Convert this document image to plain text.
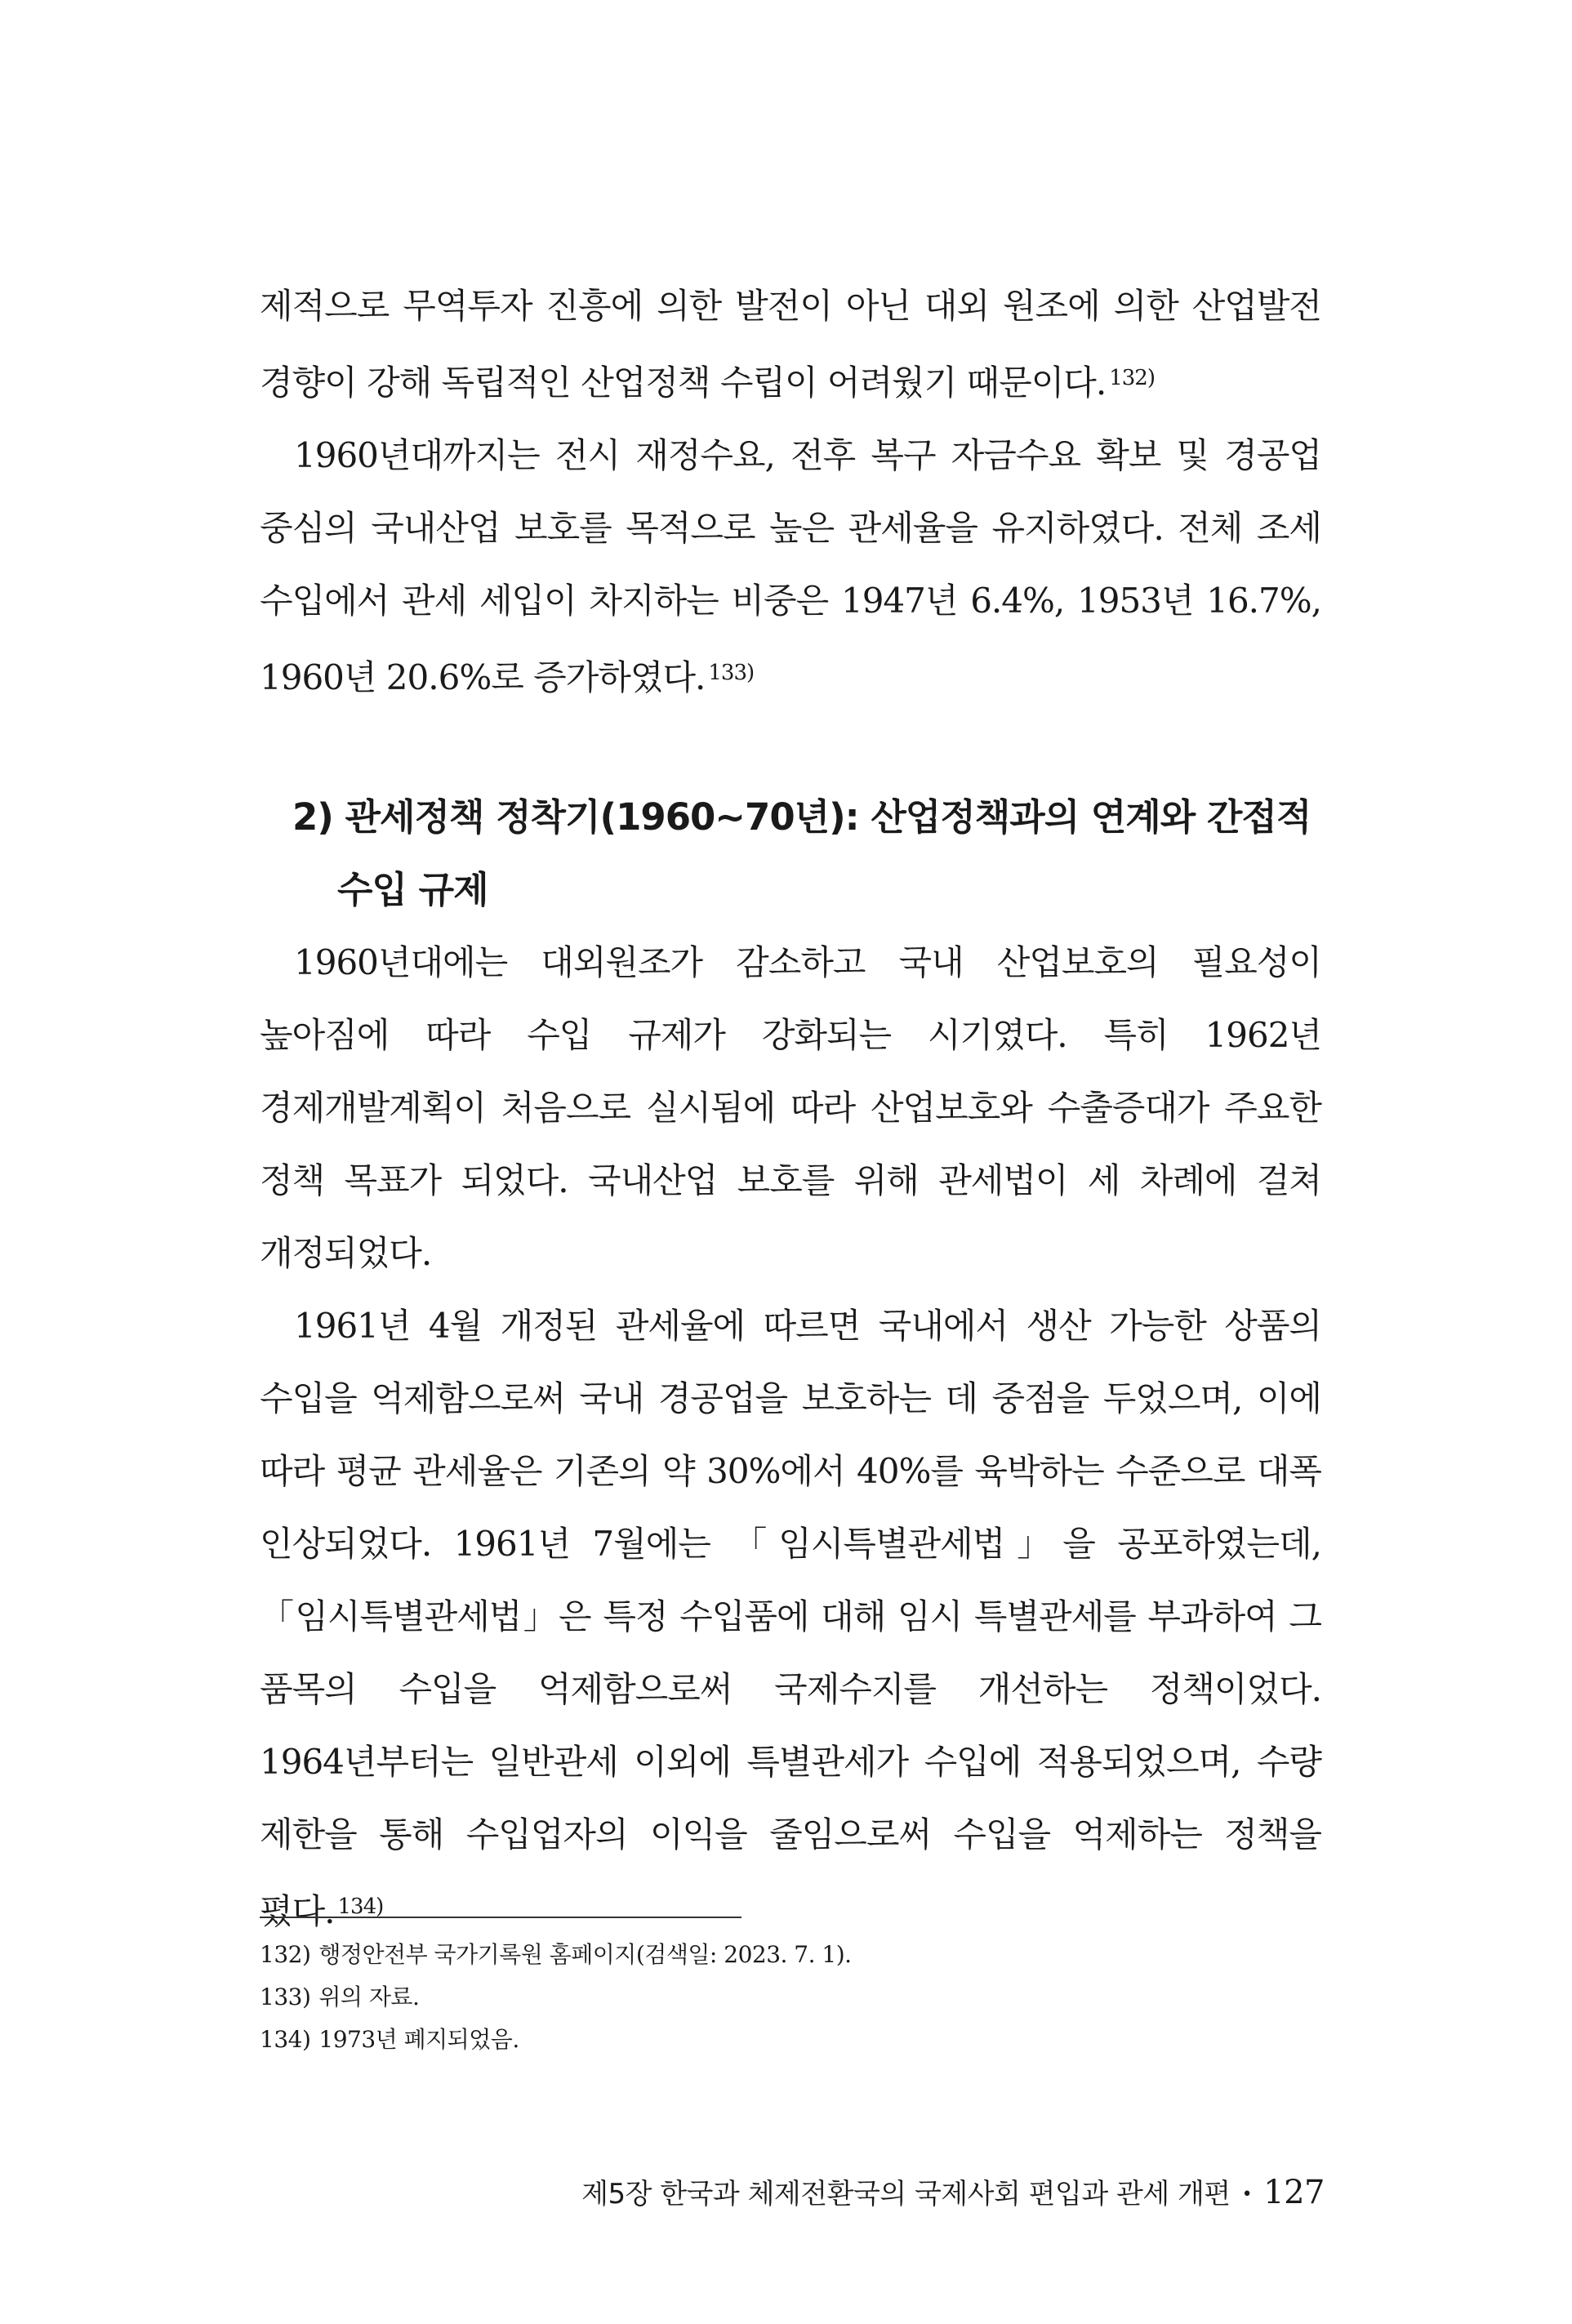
제적으로 무역투자 진흥에 의한 발전이 아닌 대외 원조에 의한 산업발전 경향이 강해 독립적인 산업정책 수립이 어려웠기 때문이다. $^{132)}$

1960년대까지는 전시 재정수요, 전후 복구 자금수요 확보 및 경공업 중심의 국내산업 보호를 목적으로 높은 관세율을 유지하였다. 전체 조세 수입에서 관세 세입이 차지하는 비중은 1947년 6.4%, 1953년 16.7%, 1960년 20.6%로 증가하였다. $^{133)}$

2) 관세정책 정착기(1960~70년): 산업정책과의 연계와 간접적
수입 규제

1960년대에는 대외원조가 감소하고 국내 산업보호의 필요성이 높아짐에 따라 수입 규제가 강화되는 시기였다. 특히 1962년 경제개발계획이 처음으로 실시됨에 따라 산업보호와 수출증대가 주요한 정책 목표가 되었다. 국내산업 보호를 위해 관세법이 세 차례에 걸쳐 개정되었다.

1961년 4월 개정된 관세율에 따르면 국내에서 생산 가능한 상품의 수입을 억제함으로써 국내 경공업을 보호하는 데 중점을 두었으며, 이에 따라 평균 관세율은 기존의 약 30%에서 40%를 육박하는 수준으로 대폭 인상되었다. 1961년 7월에는 「임시특별관세법」을 공포하였는데, 「임시특별관세법」은 특정 수입품에 대해 임시 특별관세를 부과하여 그 품목의 수입을 억제함으로써 국제수지를 개선하는 정책이었다. 1964년부터는 일반관세 이외에 특별관세가 수입에 적용되었으며, 수량 제한을 통해 수입업자의 이익을 줄임으로써 수입을 억제하는 정책을 폈다. $^{134)}$

132) 행정안전부 국가기록원 홈페이지(검색일: 2023. 7. 1).
133) 위의 자료.
134) 1973년 폐지되었음.
제5장 한국과 체제전환국의 국제사회 편입과 관세 개편 • 127
